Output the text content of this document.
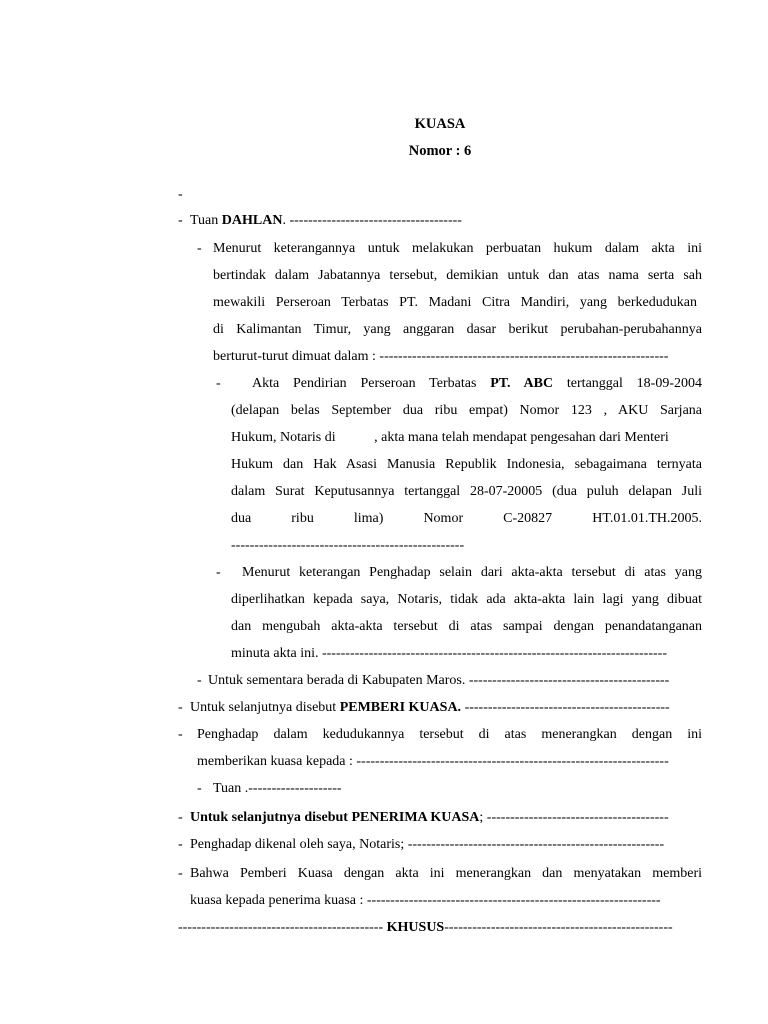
KUASA
Nomor : 6
-
- Tuan DAHLAN. -------------------------------------
- Menurut keterangannya untuk melakukan perbuatan hukum dalam akta ini
bertindak dalam Jabatannya tersebut, demikian untuk dan atas nama serta sah
mewakili Perseroan Terbatas PT. Madani Citra Mandiri, yang berkedudukan
di Kalimantan Timur, yang anggaran dasar berikut perubahan-perubahannya
berturut-turut dimuat dalam : --------------------------------------------------------------
- Akta Pendirian Perseroan Terbatas PT. ABC tertanggal 18-09-2004
(delapan belas September dua ribu empat) Nomor 123 , AKU Sarjana
Hukum, Notaris di           , akta mana telah mendapat pengesahan dari Menteri
Hukum dan Hak Asasi Manusia Republik Indonesia, sebagaimana ternyata
dalam Surat Keputusannya tertanggal 28-07-20005 (dua puluh delapan Juli
dua ribu lima) Nomor C-20827 HT.01.01.TH.2005.
--------------------------------------------------
- Menurut keterangan Penghadap selain dari akta-akta tersebut di atas yang
diperlihatkan kepada saya, Notaris, tidak ada akta-akta lain lagi yang dibuat
dan mengubah akta-akta tersebut di atas sampai dengan penandatanganan
minuta akta ini. --------------------------------------------------------------------------
- Untuk sementara berada di Kabupaten Maros. -------------------------------------------
- Untuk selanjutnya disebut PEMBERI KUASA. --------------------------------------------
- Penghadap dalam kedudukannya tersebut di atas menerangkan dengan ini
memberikan kuasa kepada : -------------------------------------------------------------------
- Tuan .--------------------
- Untuk selanjutnya disebut PENERIMA KUASA; ---------------------------------------
- Penghadap dikenal oleh saya, Notaris; -------------------------------------------------------
- Bahwa Pemberi Kuasa dengan akta ini menerangkan dan menyatakan memberi
kuasa kepada penerima kuasa : ---------------------------------------------------------------
-------------------------------------------- KHUSUS-------------------------------------------------
